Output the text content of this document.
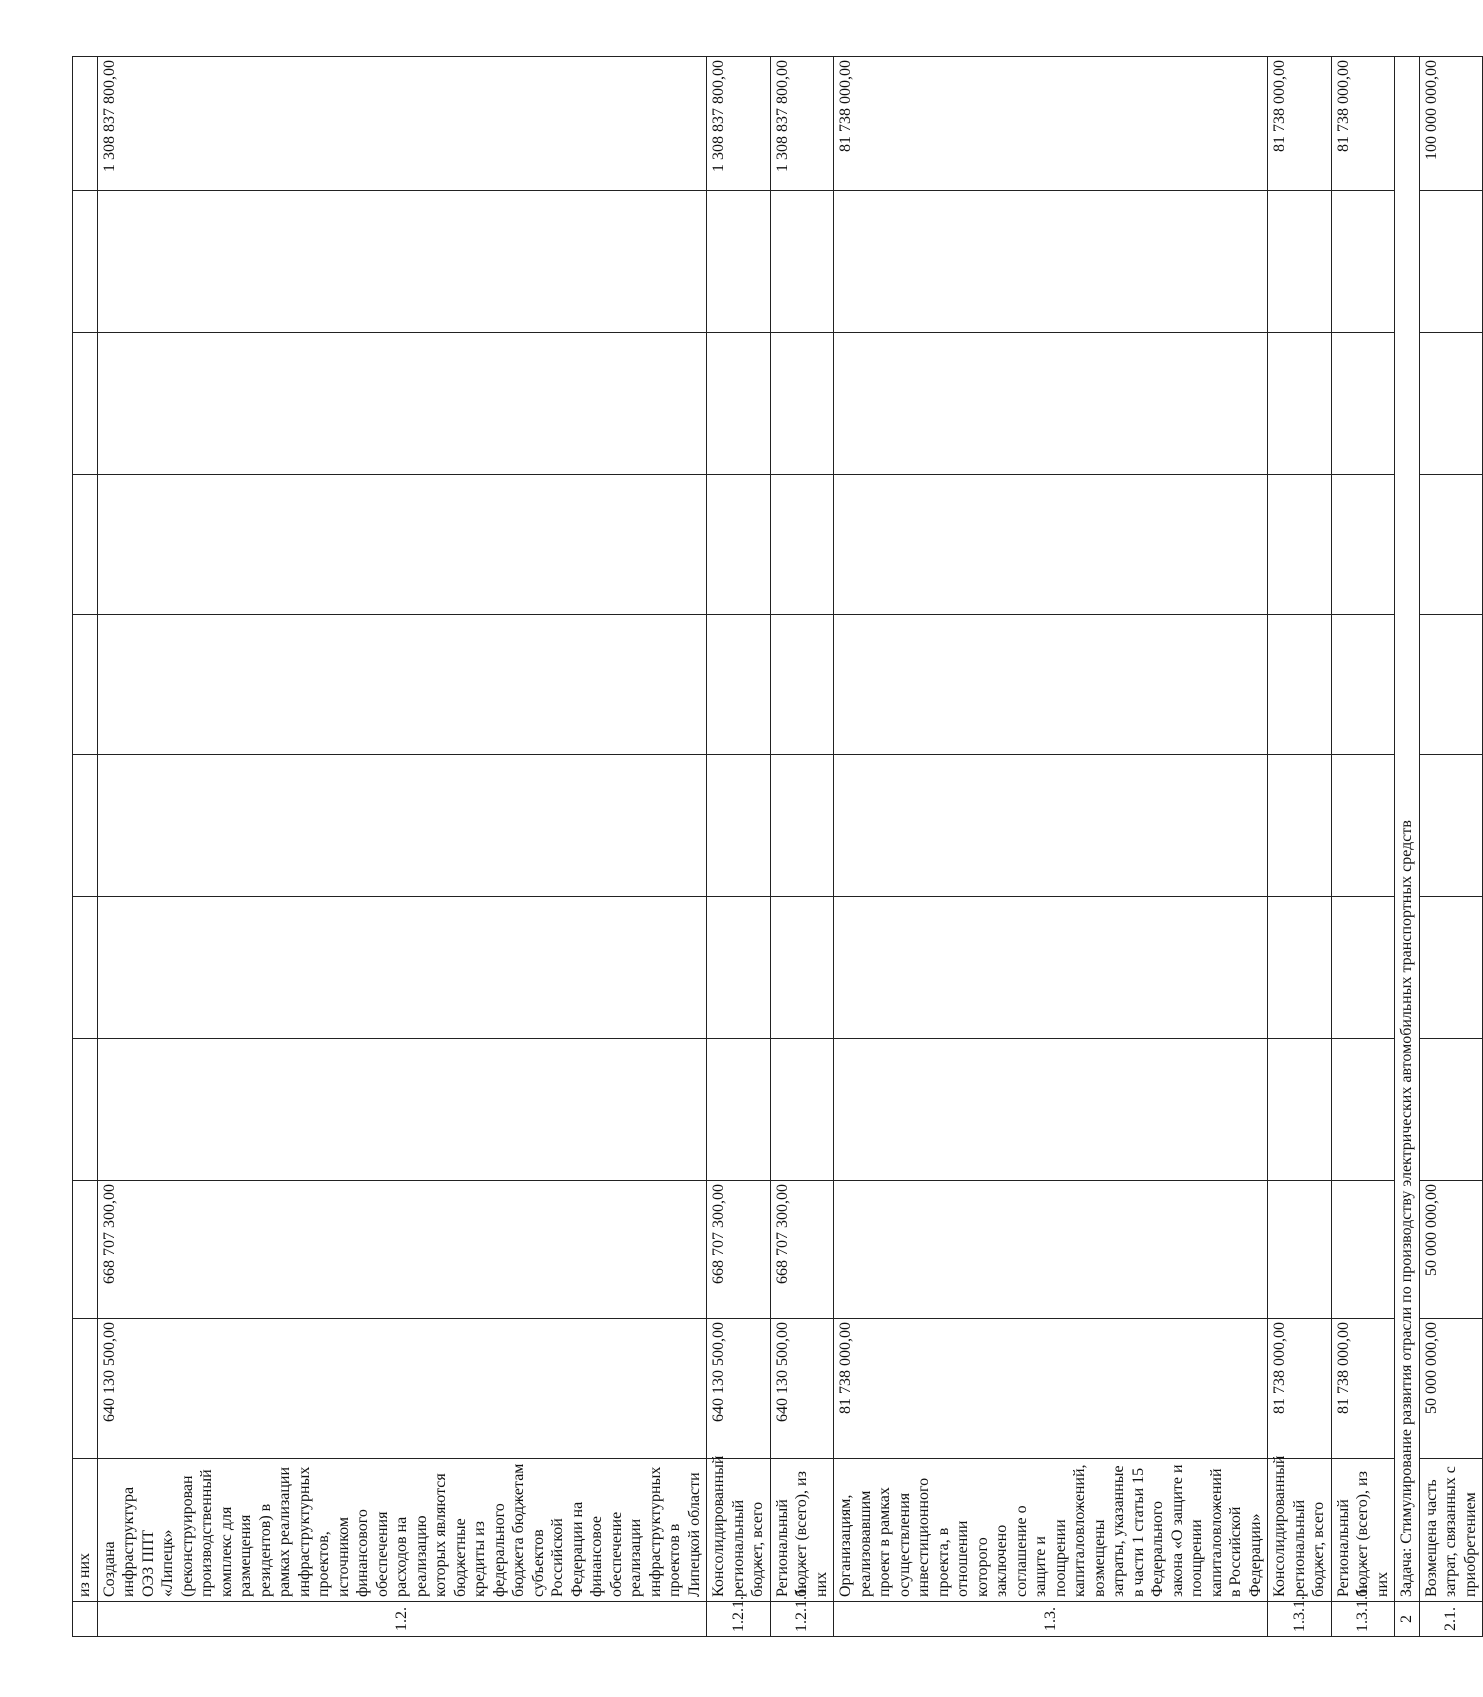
	из них										
1.2.	Создана инфраструктура ОЭЗ ППТ «Липецк» (реконструирован производственный комплекс для размещения резидентов) в рамках реализации инфраструктурных проектов, источником финансового обеспечения расходов на реализацию которых являются бюджетные кредиты из федерального бюджета бюджетам субъектов Российской Федерации на финансовое обеспечение реализации инфраструктурных проектов в Липецкой области	640 130 500,00	668 707 300,00								1 308 837 800,00
1.2.1.	Консолидированный региональный бюджет, всего	640 130 500,00	668 707 300,00								1 308 837 800,00
1.2.1.1.	Региональный бюджет (всего), из них	640 130 500,00	668 707 300,00								1 308 837 800,00
1.3.	Организациям, реализовавшим проект в рамках осуществления инвестиционного проекта, в отношении которого заключено соглашение о защите и поощрении капиталовложений, возмещены затраты, указанные в части 1 статьи 15 Федерального закона «О защите и поощрении капиталовложений в Российской Федерации»	81 738 000,00									81 738 000,00
1.3.1.	Консолидированный региональный бюджет, всего	81 738 000,00									81 738 000,00
1.3.1.1.	Региональный бюджет (всего), из них	81 738 000,00									81 738 000,00
2	Задача: Стимулирование развития отрасли по производству электрических автомобильных транспортных средств										
2.1.	Возмещена часть затрат, связанных с приобретением	50 000 000,00	50 000 000,00								100 000 000,00
